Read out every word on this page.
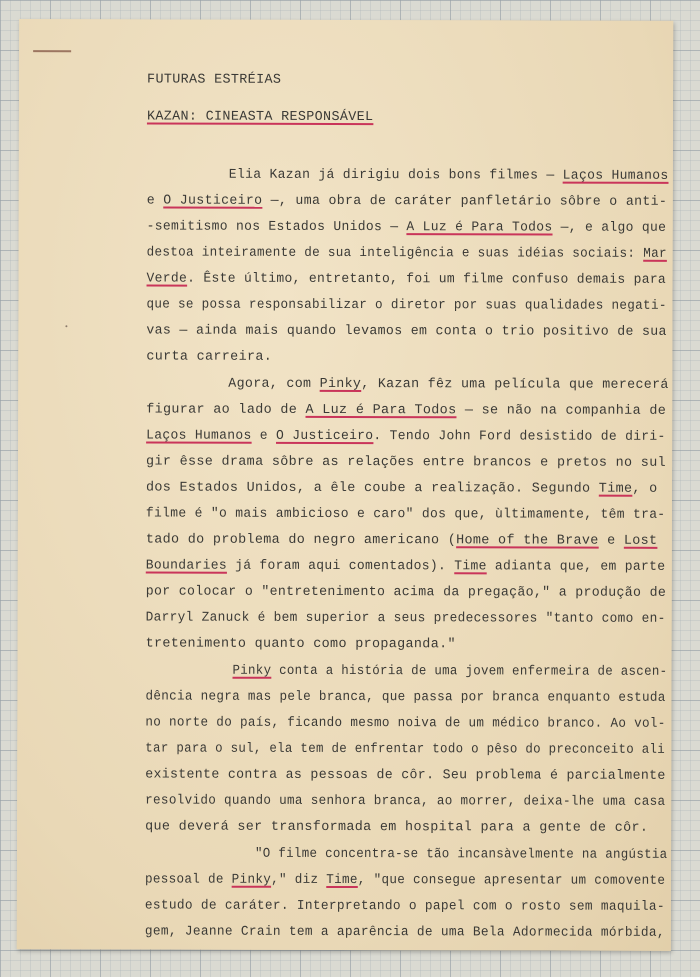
FUTURAS ESTRÉIAS
KAZAN: CINEASTA RESPONSÁVEL
Elia Kazan já dirigiu dois bons filmes — Laços Humanos
e O Justiceiro —, uma obra de caráter panfletário sôbre o anti-
-semitismo nos Estados Unidos — A Luz é Para Todos —, e algo que
destoa inteiramente de sua inteligência e suas idéias sociais: Mar
Verde. Êste último, entretanto, foi um filme confuso demais para
que se possa responsabilizar o diretor por suas qualidades negati-
vas — ainda mais quando levamos em conta o trio positivo de sua
curta carreira.
Agora, com Pinky, Kazan fêz uma película que merecerá
figurar ao lado de A Luz é Para Todos — se não na companhia de
Laços Humanos e O Justiceiro. Tendo John Ford desistido de diri-
gir êsse drama sôbre as relações entre brancos e pretos no sul
dos Estados Unidos, a êle coube a realização. Segundo Time, o
filme é "o mais ambicioso e caro" dos que, ùltimamente, têm tra-
tado do problema do negro americano (Home of the Brave e Lost
Boundaries já foram aqui comentados). Time adianta que, em parte
por colocar o "entretenimento acima da pregação," a produção de
Darryl Zanuck é bem superior a seus predecessores "tanto como en-
tretenimento quanto como propaganda."
Pinky conta a história de uma jovem enfermeira de ascen-
dência negra mas pele branca, que passa por branca enquanto estuda
no norte do país, ficando mesmo noiva de um médico branco. Ao vol-
tar para o sul, ela tem de enfrentar todo o pêso do preconceito ali
existente contra as pessoas de côr. Seu problema é parcialmente
resolvido quando uma senhora branca, ao morrer, deixa-lhe uma casa
que deverá ser transformada em hospital para a gente de côr.
"O filme concentra-se tão incansàvelmente na angústia
pessoal de Pinky," diz Time, "que consegue apresentar um comovente
estudo de caráter. Interpretando o papel com o rosto sem maquila-
gem, Jeanne Crain tem a aparência de uma Bela Adormecida mórbida,
